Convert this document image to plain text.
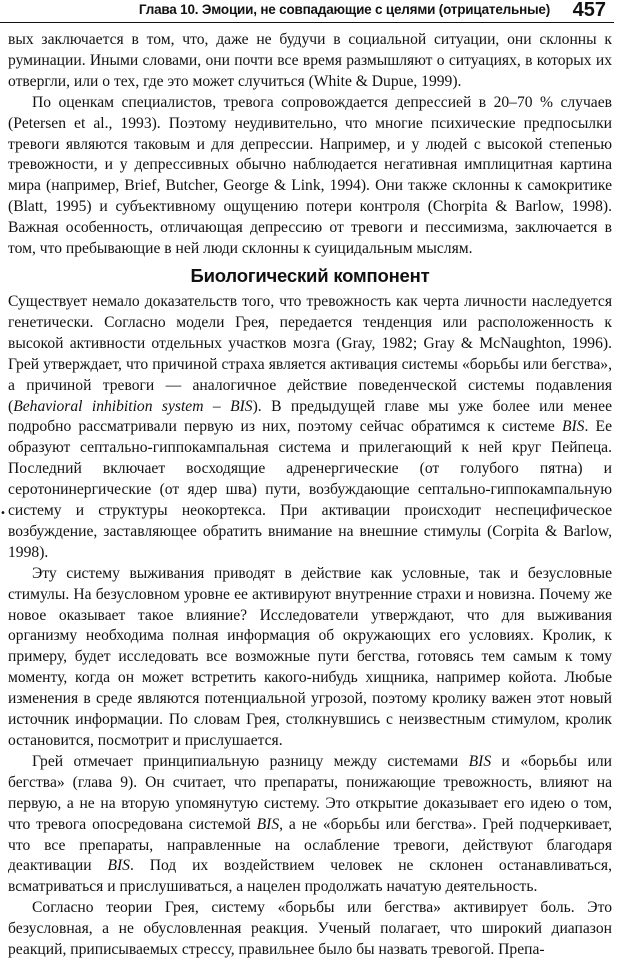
Глава 10. Эмоции, не совпадающие с целями (отрицательные) 457

вых заключается в том, что, даже не будучи в социальной ситуации, они склонны к руминации. Иными словами, они почти все время размышляют о ситуациях, в которых их отвергли, или о тех, где это может случиться (White & Dupue, 1999).

По оценкам специалистов, тревога сопровождается депрессией в 20–70 % случаев (Petersen et al., 1993). Поэтому неудивительно, что многие психические предпосылки тревоги являются таковым и для депрессии. Например, и у людей с высокой степенью тревожности, и у депрессивных обычно наблюдается негативная имплицитная картина мира (например, Brief, Butcher, George & Link, 1994). Они также склонны к самокритике (Blatt, 1995) и субъективному ощущению потери контроля (Chorpita & Barlow, 1998). Важная особенность, отличающая депрессию от тревоги и пессимизма, заключается в том, что пребывающие в ней люди склонны к суицидальным мыслям.

Биологический компонент

Существует немало доказательств того, что тревожность как черта личности наследуется генетически. Согласно модели Грея, передается тенденция или расположенность к высокой активности отдельных участков мозга (Gray, 1982; Gray & McNaughton, 1996). Грей утверждает, что причиной страха является активация системы «борьбы или бегства», а причиной тревоги — аналогичное действие поведенческой системы подавления (Behavioral inhibition system – BIS). В предыдущей главе мы уже более или менее подробно рассматривали первую из них, поэтому сейчас обратимся к системе BIS. Ее образуют септально-гиппокампальная система и прилегающий к ней круг Пейпеца. Последний включает восходящие адренергические (от голубого пятна) и серотонинергические (от ядер шва) пути, возбуждающие септально-гиппокампальную систему и структуры неокортекса. При активации происходит неспецифическое возбуждение, заставляющее обратить внимание на внешние стимулы (Corpita & Barlow, 1998).

Эту систему выживания приводят в действие как условные, так и безусловные стимулы. На безусловном уровне ее активируют внутренние страхи и новизна. Почему же новое оказывает такое влияние? Исследователи утверждают, что для выживания организму необходима полная информация об окружающих его условиях. Кролик, к примеру, будет исследовать все возможные пути бегства, готовясь тем самым к тому моменту, когда он может встретить какого-нибудь хищника, например койота. Любые изменения в среде являются потенциальной угрозой, поэтому кролику важен этот новый источник информации. По словам Грея, столкнувшись с неизвестным стимулом, кролик остановится, посмотрит и прислушается.

Грей отмечает принципиальную разницу между системами BIS и «борьбы или бегства» (глава 9). Он считает, что препараты, понижающие тревожность, влияют на первую, а не на вторую упомянутую систему. Это открытие доказывает его идею о том, что тревога опосредована системой BIS, а не «борьбы или бегства». Грей подчеркивает, что все препараты, направленные на ослабление тревоги, действуют благодаря деактивации BIS. Под их воздействием человек не склонен останавливаться, всматриваться и прислушиваться, а нацелен продолжать начатую деятельность.

Согласно теории Грея, систему «борьбы или бегства» активирует боль. Это безусловная, а не обусловленная реакция. Ученый полагает, что широкий диапазон реакций, приписываемых стрессу, правильнее было бы назвать тревогой. Препа-

•
